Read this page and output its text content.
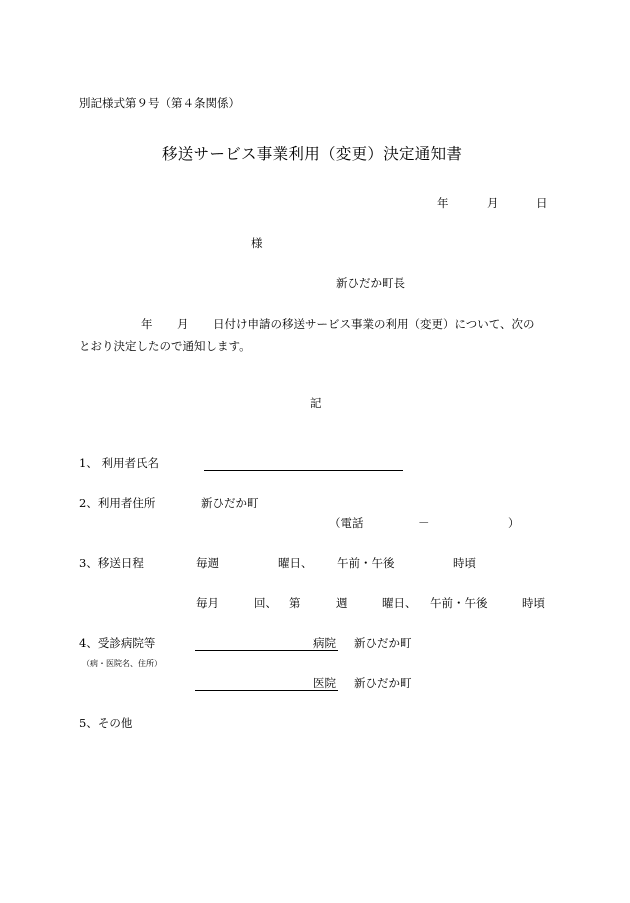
別記様式第９号（第４条関係）
移送サービス事業利用（変更）決定通知書
年	月	日
様
新ひだか町長
年 月 日付け申請の移送サービス事業の利用（変更）について、次の
とおり決定したので通知します。
記
1、 利用者氏名
2、利用者住所	新ひだか町
（電話	－	）
3、移送日程	毎週	曜日、 午前・午後	時頃
毎月	回、 第	週	曜日、 午前・午後	時頃
4、受診病院等
（病・医院名、住所）
病院 新ひだか町
医院 新ひだか町
5、その他
